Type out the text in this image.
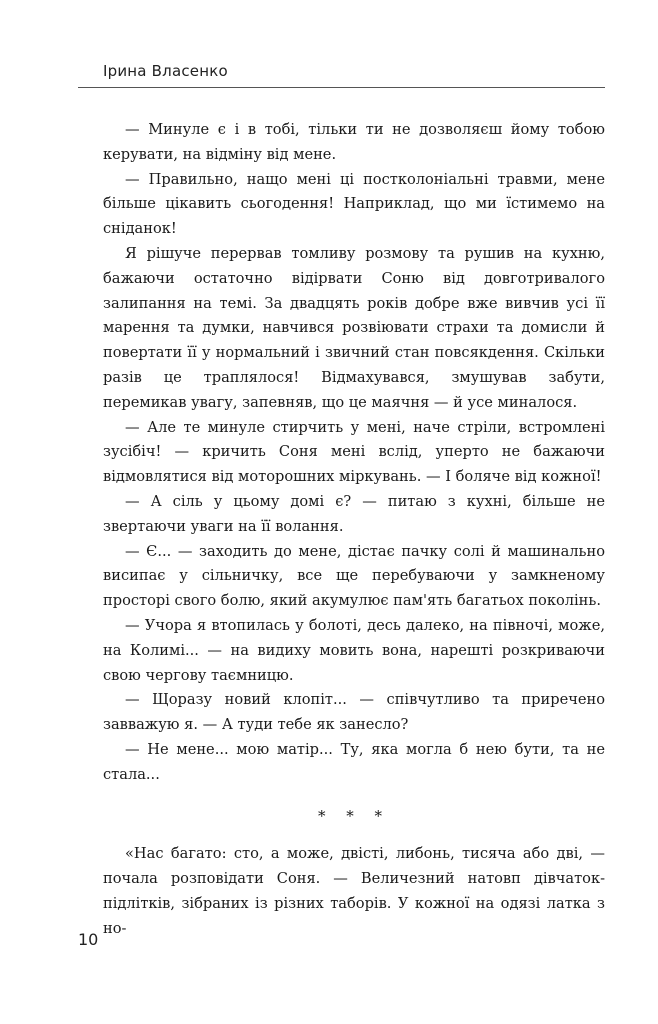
Ірина Власенко

— Минуле є і в тобі, тільки ти не дозволяєш йому тобою керувати, на відміну від мене.

— Правильно, нащо мені ці постколоніальні травми, мене більше цікавить сьогодення! Наприклад, що ми їстимемо на сніданок!

Я рішуче перервав томливу розмову та рушив на кухню, бажаючи остаточно відірвати Соню від довготривалого залипання на темі. За двадцять років добре вже вивчив усі її марення та думки, навчився розвіювати страхи та домисли й повертати її у нормальний і звичний стан повсякдення. Скільки разів це траплялося! Відмахувався, змушував забути, перемикав увагу, запевняв, що це маячня — й усе миналося.

— Але те минуле стирчить у мені, наче стріли, встромлені зусібіч! — кричить Соня мені вслід, уперто не бажаючи відмовлятися від моторошних міркувань. — І боляче від кожної!

— А сіль у цьому домі є? — питаю з кухні, більше не звертаючи уваги на її волання.

— Є... — заходить до мене, дістає пачку солі й машинально висипає у сільничку, все ще перебуваючи у замкненому просторі свого болю, який акумулює пам'ять багатьох поколінь.

— Учора я втопилась у болоті, десь далеко, на півночі, може, на Колимі... — на видиху мовить вона, нарешті розкриваючи свою чергову таємницю.

— Щоразу новий клопіт... — співчутливо та приречено завважую я. — А туди тебе як занесло?

— Не мене... мою матір... Ту, яка могла б нею бути, та не стала...

* * *

«Нас багато: сто, а може, двісті, либонь, тисяча або дві, — почала розповідати Соня. — Величезний натовп дівчаток-підлітків, зібраних із різних таборів. У кожної на одязі латка з но-

10
